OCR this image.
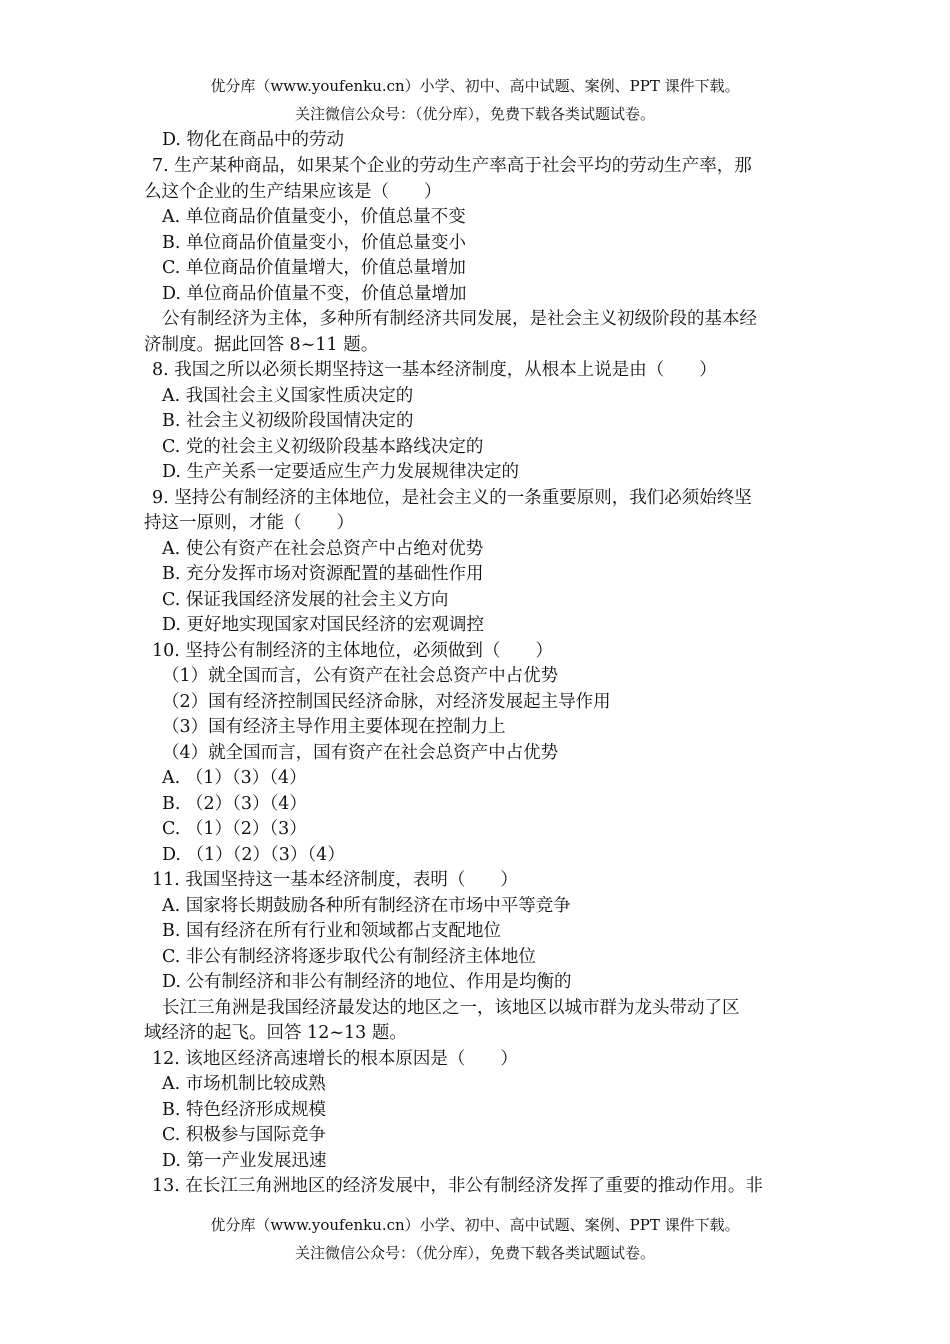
优分库（www.youfenku.cn）小学、初中、高中试题、案例、PPT 课件下载。
关注微信公众号：（优分库），免费下载各类试题试卷。
D. 物化在商品中的劳动
7. 生产某种商品，如果某个企业的劳动生产率高于社会平均的劳动生产率，那
么这个企业的生产结果应该是（　　）
A. 单位商品价值量变小，价值总量不变
B. 单位商品价值量变小，价值总量变小
C. 单位商品价值量增大，价值总量增加
D. 单位商品价值量不变，价值总量增加
公有制经济为主体，多种所有制经济共同发展，是社会主义初级阶段的基本经
济制度。据此回答 8~11 题。
8. 我国之所以必须长期坚持这一基本经济制度，从根本上说是由（　　）
A. 我国社会主义国家性质决定的
B. 社会主义初级阶段国情决定的
C. 党的社会主义初级阶段基本路线决定的
D. 生产关系一定要适应生产力发展规律决定的
9. 坚持公有制经济的主体地位，是社会主义的一条重要原则，我们必须始终坚
持这一原则，才能（　　）
A. 使公有资产在社会总资产中占绝对优势
B. 充分发挥市场对资源配置的基础性作用
C. 保证我国经济发展的社会主义方向
D. 更好地实现国家对国民经济的宏观调控
10. 坚持公有制经济的主体地位，必须做到（　　）
（1）就全国而言，公有资产在社会总资产中占优势
（2）国有经济控制国民经济命脉，对经济发展起主导作用
（3）国有经济主导作用主要体现在控制力上
（4）就全国而言，国有资产在社会总资产中占优势
A. （1）（3）（4）
B. （2）（3）（4）
C. （1）（2）（3）
D. （1）（2）（3）（4）
11. 我国坚持这一基本经济制度，表明（　　）
A. 国家将长期鼓励各种所有制经济在市场中平等竞争
B. 国有经济在所有行业和领域都占支配地位
C. 非公有制经济将逐步取代公有制经济主体地位
D. 公有制经济和非公有制经济的地位、作用是均衡的
长江三角洲是我国经济最发达的地区之一，该地区以城市群为龙头带动了区
域经济的起飞。回答 12~13 题。
12. 该地区经济高速增长的根本原因是（　　）
A. 市场机制比较成熟
B. 特色经济形成规模
C. 积极参与国际竞争
D. 第一产业发展迅速
13. 在长江三角洲地区的经济发展中，非公有制经济发挥了重要的推动作用。非
优分库（www.youfenku.cn）小学、初中、高中试题、案例、PPT 课件下载。
关注微信公众号：（优分库），免费下载各类试题试卷。
